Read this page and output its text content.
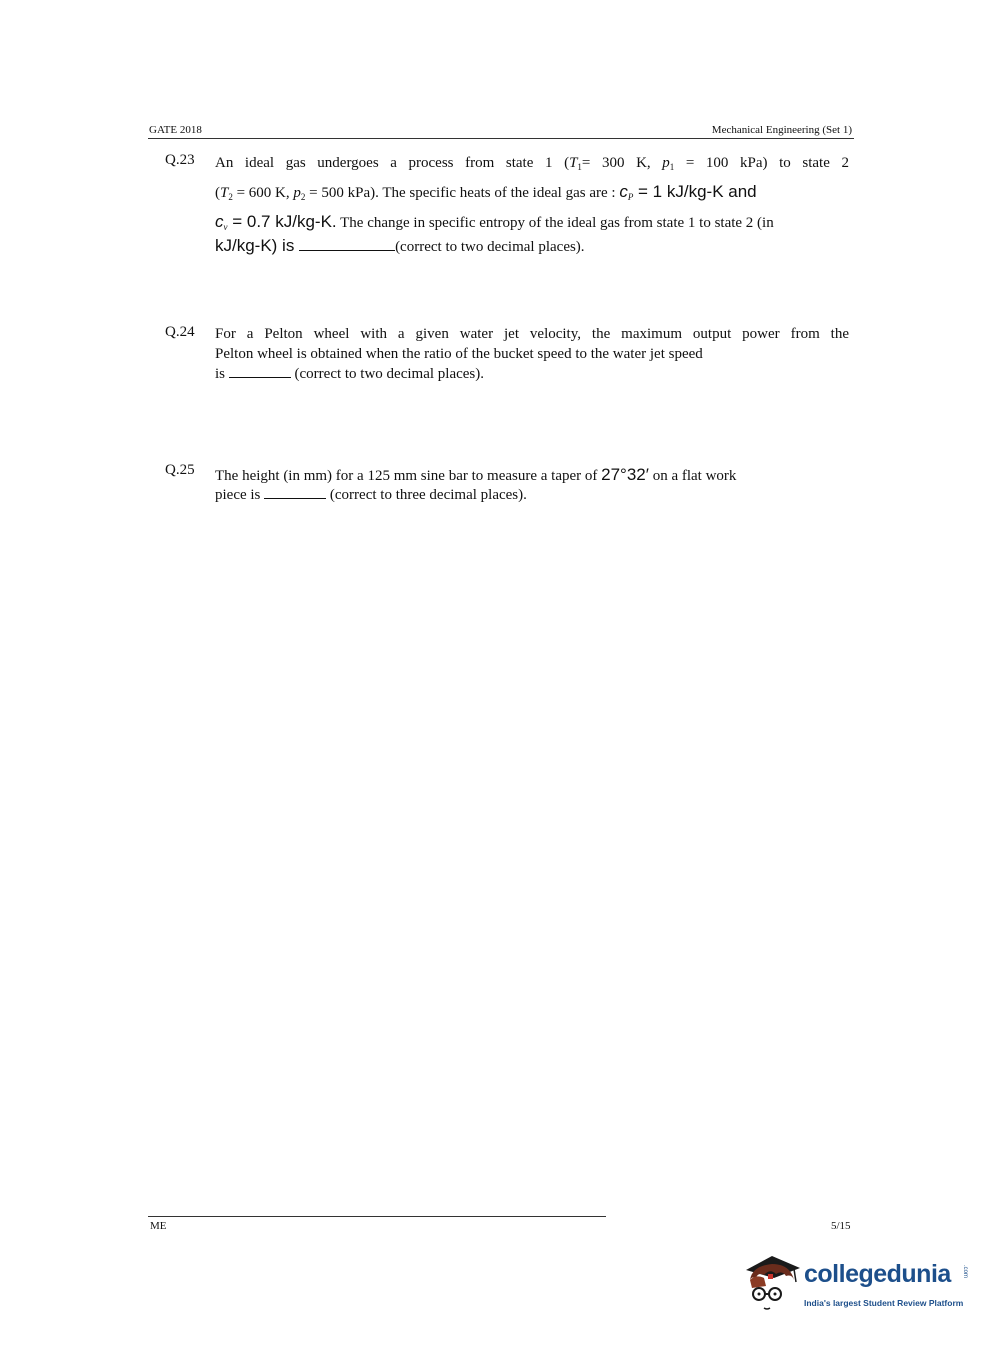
GATE 2018	Mechanical Engineering (Set 1)
Q.23 An ideal gas undergoes a process from state 1 ($T_1= 300$ K, $p_1 = 100$ kPa) to state 2
($T_2 = 600$ K, $p_2 = 500$ kPa). The specific heats of the ideal gas are : $c_P = 1$ kJ/kg-K and
$c_v = 0.7$ kJ/kg-K. The change in specific entropy of the ideal gas from state 1 to state 2 (in
kJ/kg-K) is	(correct to two decimal places).
Q.24 For a Pelton wheel with a given water jet velocity, the maximum output power from the
Pelton wheel is obtained when the ratio of the bucket speed to the water jet speed
is	(correct to two decimal places).
Q.25 The height (in mm) for a 125 mm sine bar to measure a taper of 27°32′ on a flat work
piece is	(correct to three decimal places).
ME	5/15
collegedunia .com
India's largest Student Review Platform
